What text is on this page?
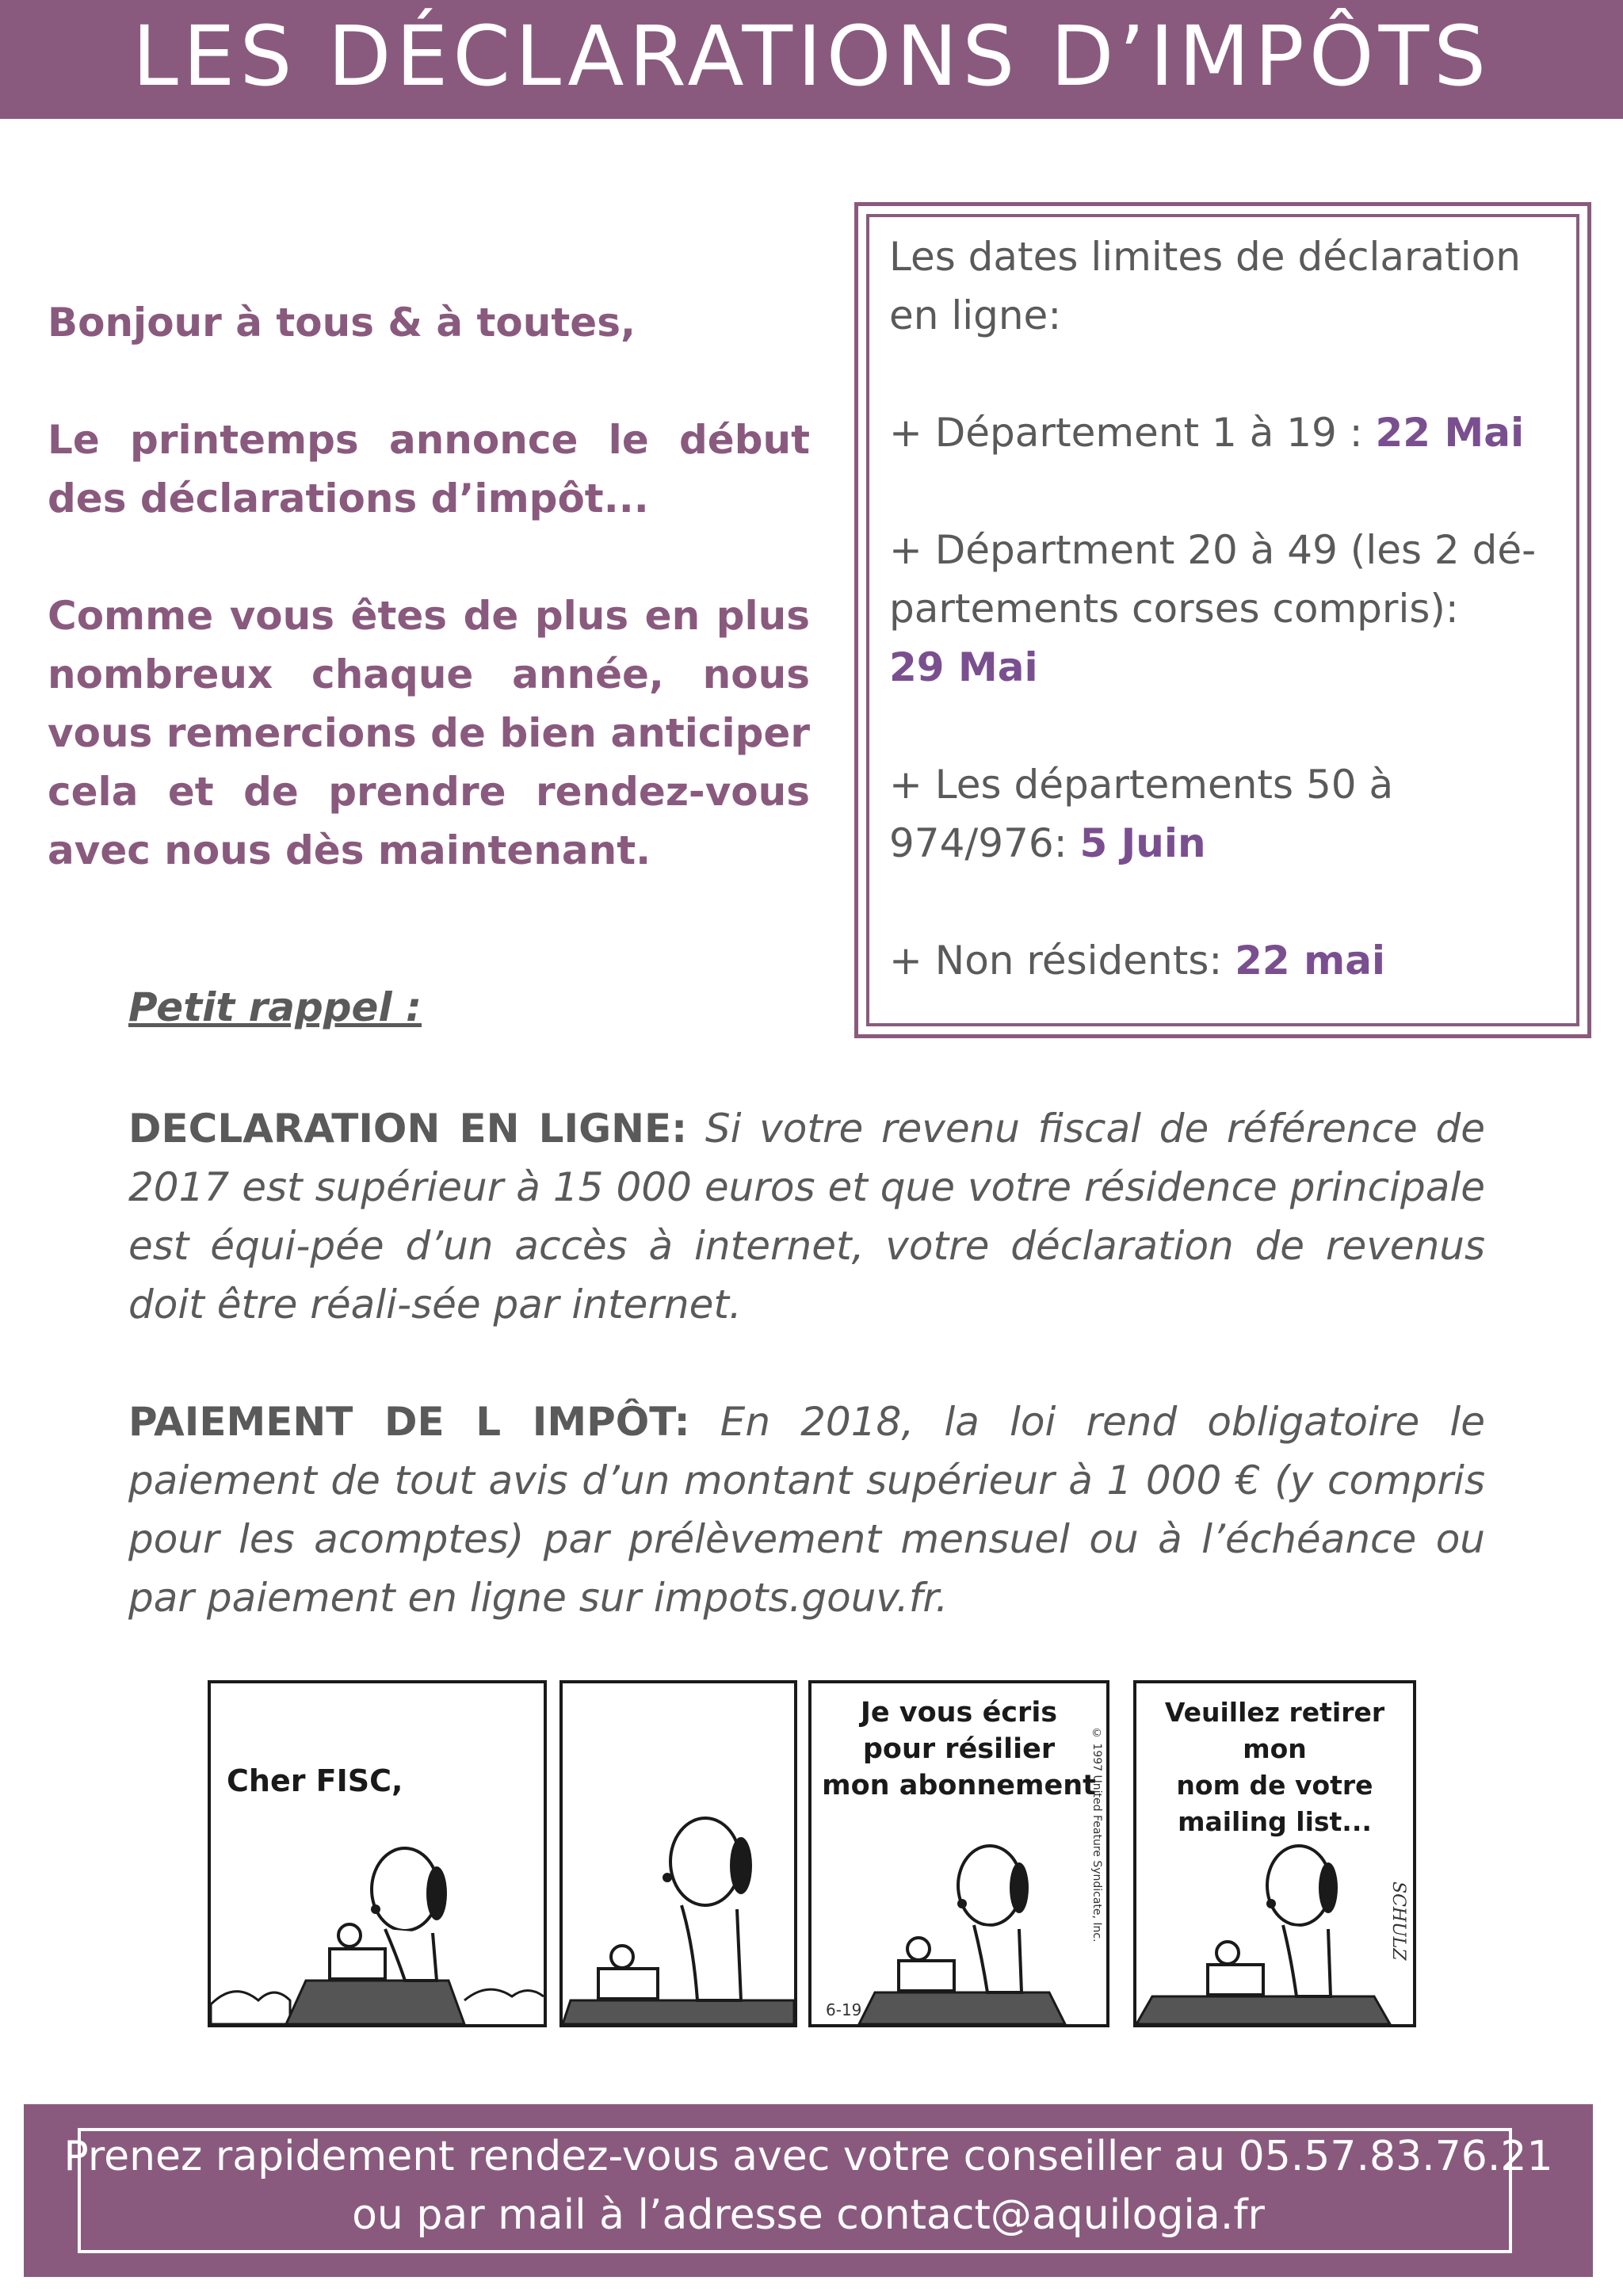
LES DÉCLARATIONS D’IMPÔTS

Bonjour à tous & à toutes,

Le printemps annonce le début des déclarations d’impôt...

Comme vous êtes de plus en plus nombreux chaque année, nous vous remercions de bien anticiper cela et de prendre rendez-vous avec nous dès maintenant.

Les dates limites de déclaration en ligne:

+ Département 1 à 19 : 22 Mai

+ Départment 20 à 49 (les 2 dé-partements corses compris):
29 Mai

+ Les départements 50 à 974/976: 5 Juin

+ Non résidents: 22 mai

Petit rappel :

DECLARATION EN LIGNE: Si votre revenu fiscal de référence de 2017 est supérieur à 15 000 euros et que votre résidence principale est équi-pée d’un accès à internet, votre déclaration de revenus doit être réali-sée par internet.

PAIEMENT DE L IMPÔT: En 2018, la loi rend obligatoire le paiement de tout avis d’un montant supérieur à 1 000 € (y compris pour les acomptes) par prélèvement mensuel ou à l’échéance ou par paiement en ligne sur impots.gouv.fr.

Cher FISC,
Je vous écris
pour résilier
mon abonnement
© 1997 United Feature Syndicate, Inc.
6-19
Veuillez retirer mon
nom de votre
mailing list...
SCHULZ
Prenez rapidement rendez-vous avec votre conseiller au 05.57.83.76.21
ou par mail à l’adresse contact@aquilogia.fr
